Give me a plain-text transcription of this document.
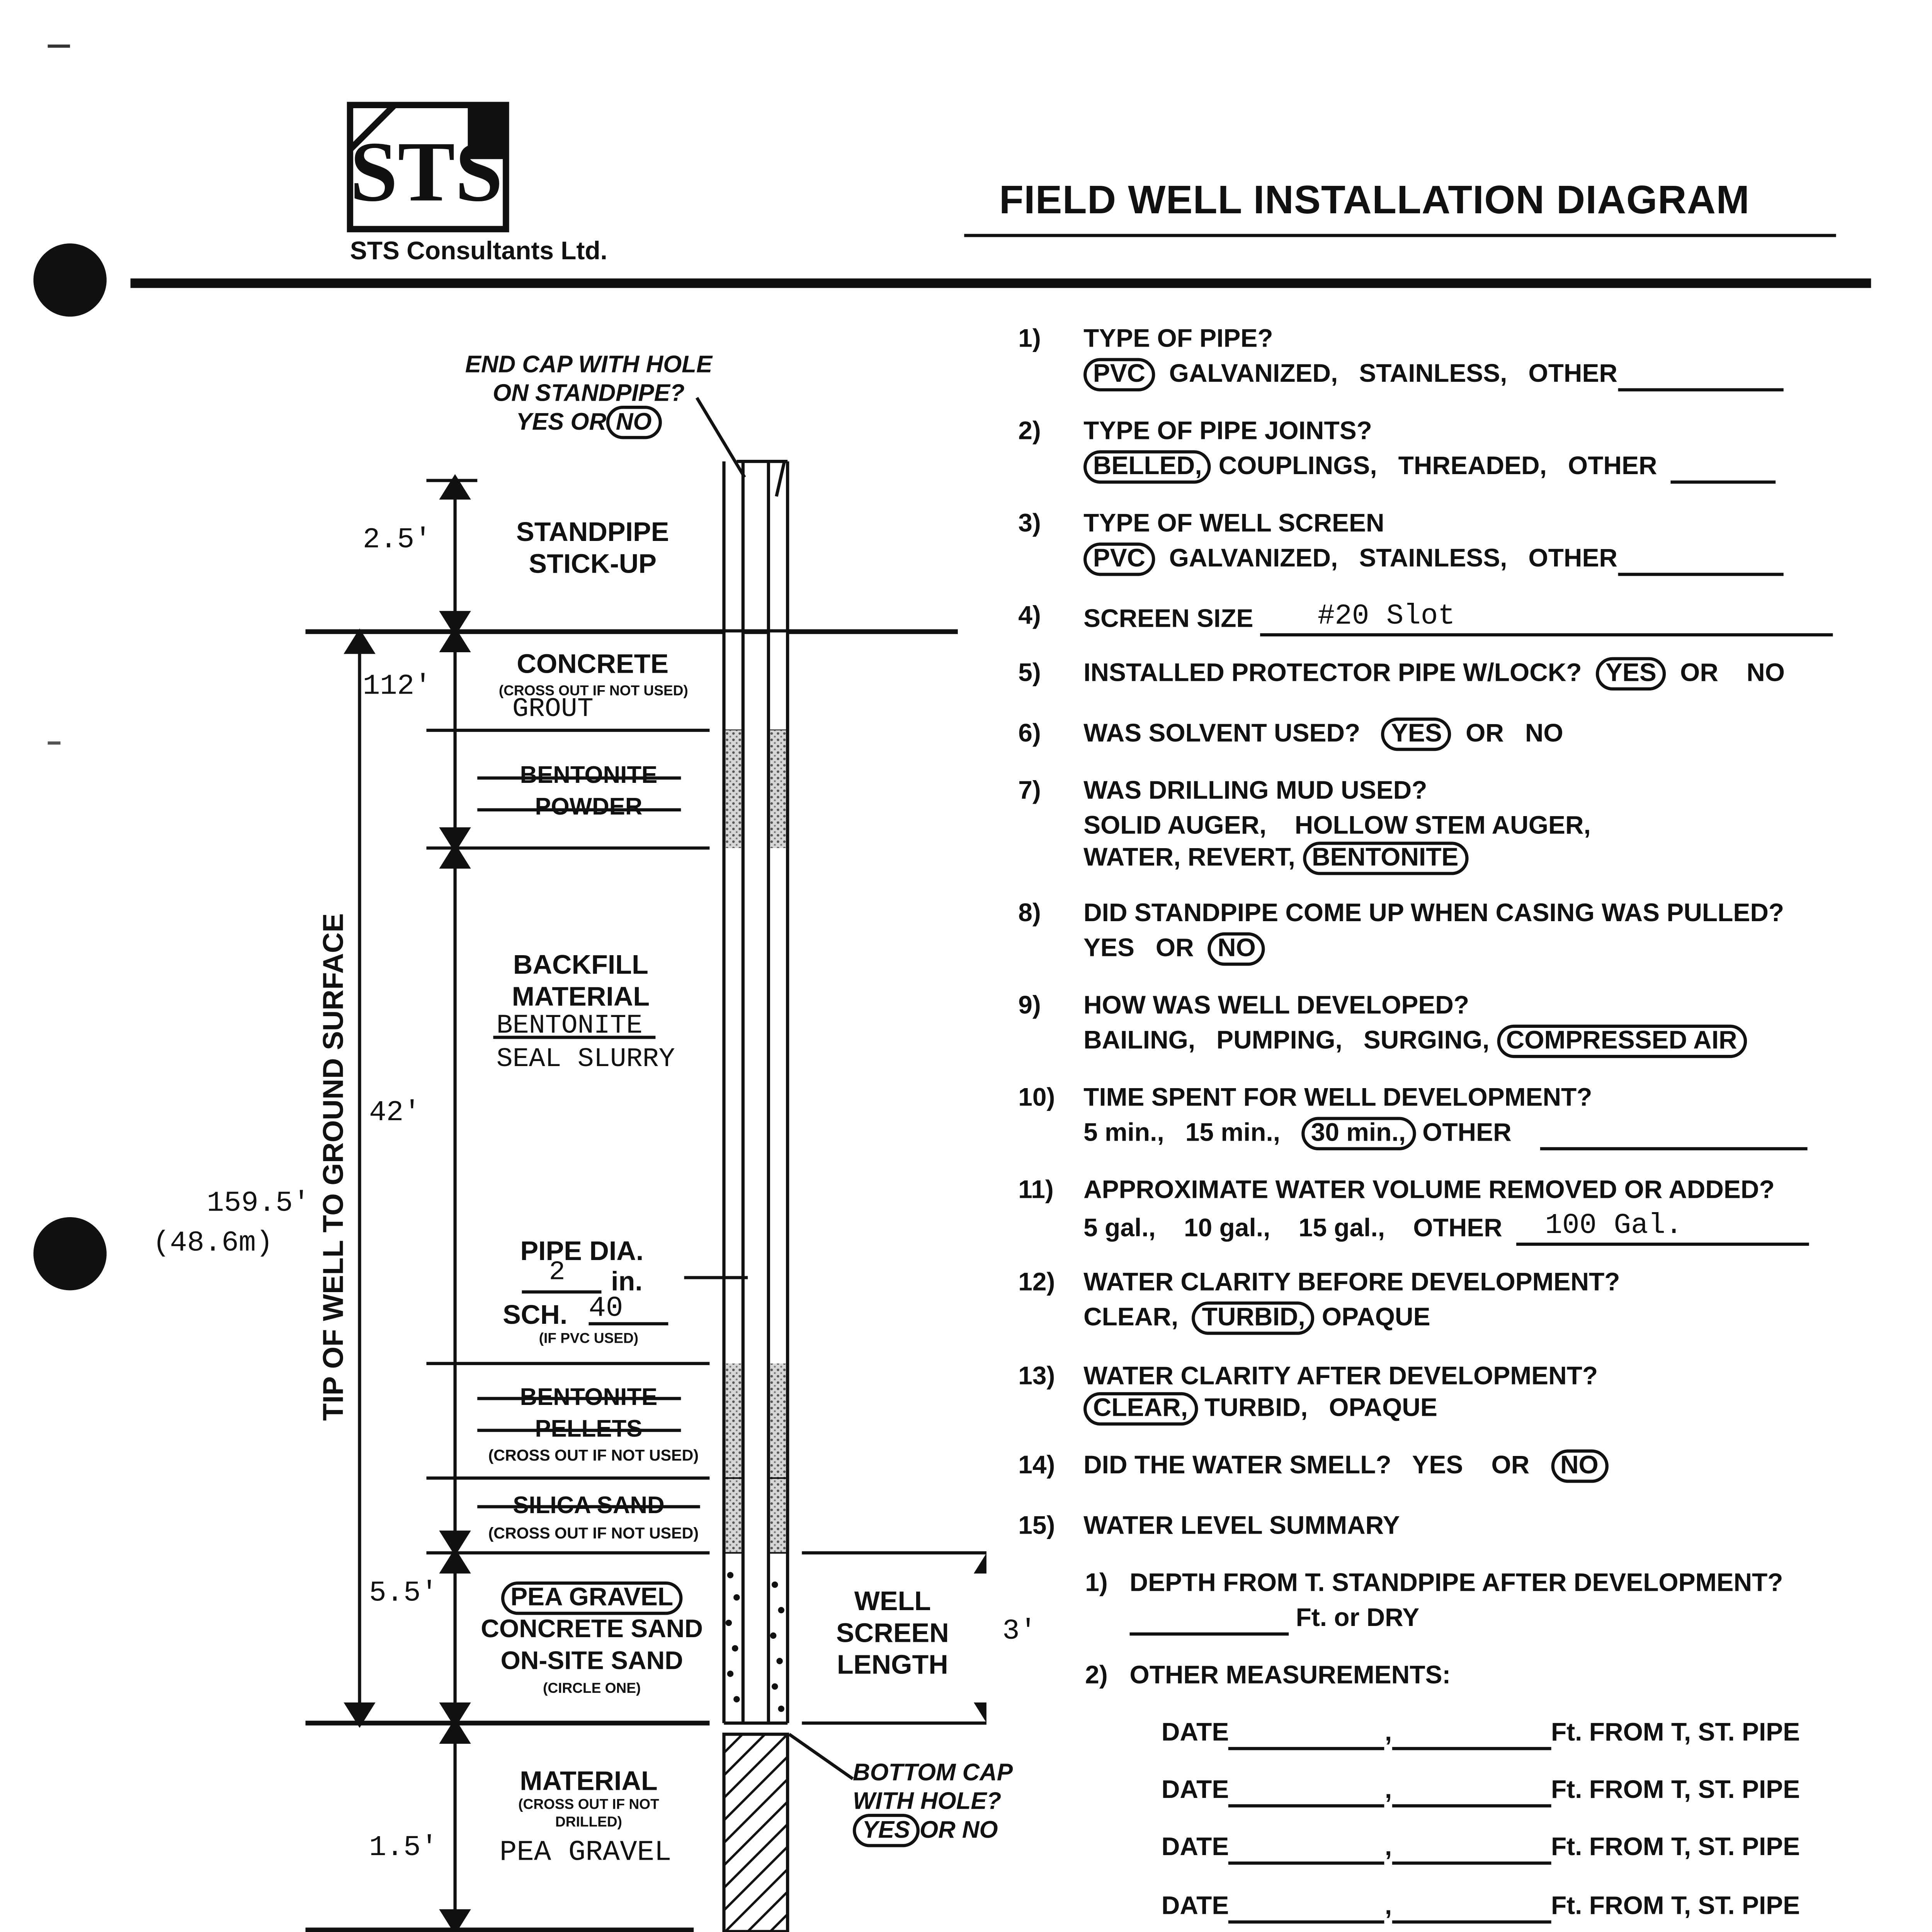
STS
STS Consultants Ltd.
FIELD WELL INSTALLATION DIAGRAM
END CAP WITH HOLE
ON STANDPIPE?
YES OR NO
2.5'	STANDPIPE
STICK-UP
112'
CONCRETE
(CROSS OUT IF NOT USED)
GROUT
BENTONITE
POWDER
BACKFILL
MATERIAL
BENTONITE
SEAL SLURRY
42'
159.5'
(48.6m)	TIP OF WELL TO GROUND SURFACE	PIPE DIA.
2	in.
SCH.	40
(IF PVC USED)
BENTONITE
PELLETS
(CROSS OUT IF NOT USED)
SILICA SAND
(CROSS OUT IF NOT USED)
5.5'	PEA GRAVEL
CONCRETE SAND
ON-SITE SAND
(CIRCLE ONE)
WELL
SCREEN
LENGTH
3'
1.5'
MATERIAL
(CROSS OUT IF NOT
DRILLED)
PEA GRAVEL
BOTTOM CAP
WITH HOLE?
YES OR NO
1)	TYPE OF PIPE?
PVC	GALVANIZED,	STAINLESS,	OTHER
2)	TYPE OF PIPE JOINTS?
BELLED,	COUPLINGS,	THREADED,	OTHER
3)	TYPE OF WELL SCREEN
PVC	GALVANIZED,	STAINLESS,	OTHER
4)	SCREEN SIZE	#20 Slot
5)	INSTALLED PROTECTOR PIPE W/LOCK?	YES	OR	NO
6)	WAS SOLVENT USED?	YES	OR	NO
7)	WAS DRILLING MUD USED?
SOLID AUGER,    HOLLOW STEM AUGER,
WATER, REVERT,	BENTONITE
8)	DID STANDPIPE COME UP WHEN CASING WAS PULLED?
YES	OR	NO
9)	HOW WAS WELL DEVELOPED?
BAILING,   PUMPING,   SURGING,	COMPRESSED AIR
10)	TIME SPENT FOR WELL DEVELOPMENT?
5 min.,	15 min.,	30 min.,	OTHER
11)	APPROXIMATE WATER VOLUME REMOVED OR ADDED?
5 gal.,    10 gal.,    15 gal.,    OTHER	100 Gal.
12)	WATER CLARITY BEFORE DEVELOPMENT?
CLEAR,	TURBID,	OPAQUE
13)	WATER CLARITY AFTER DEVELOPMENT?
CLEAR,	TURBID,	OPAQUE
14)	DID THE WATER SMELL?	YES	OR	NO
15)	WATER LEVEL SUMMARY
1)	DEPTH FROM T. STANDPIPE AFTER DEVELOPMENT?
Ft. or DRY
2)	OTHER MEASUREMENTS:
DATE	,	Ft. FROM T, ST. PIPE
DATE	,	Ft. FROM T, ST. PIPE
DATE	,	Ft. FROM T, ST. PIPE
DATE	,	Ft. FROM T, ST. PIPE
